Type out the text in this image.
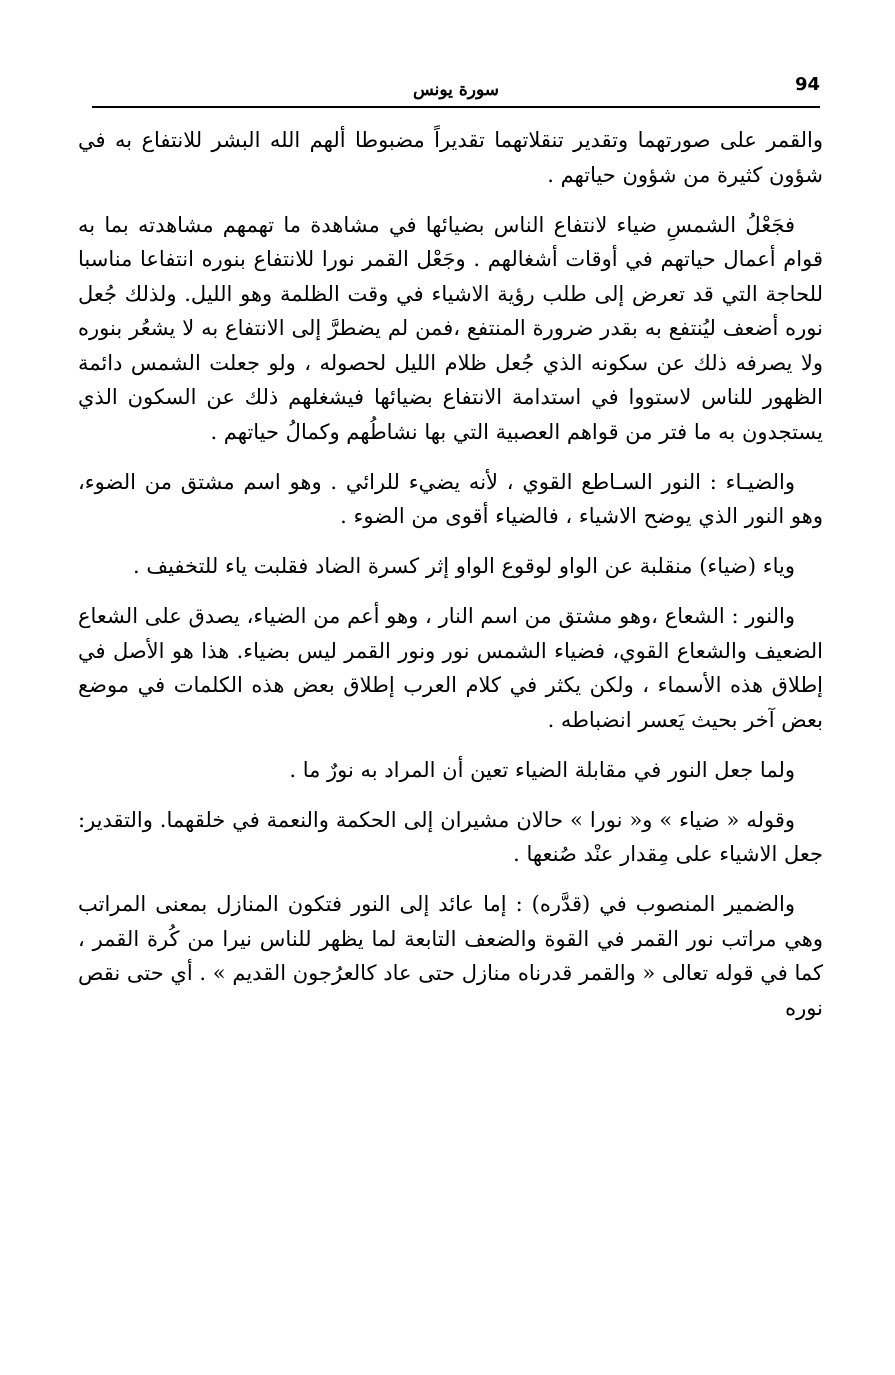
94
سورة يونس

والقمر على صورتهما وتقدير تنقلاتهما تقديراً مضبوطا ألهم الله البشر للانتفاع به في شؤون كثيرة من شؤون حياتهم .

فجَعْلُ الشمسِ ضياء لانتفاع الناس بضيائها في مشاهدة ما تهمهم مشاهدته بما به قوام أعمال حياتهم في أوقات أشغالهم . وجَعْل القمر نورا للانتفاع بنوره انتفاعا مناسبا للحاجة التي قد تعرض إلى طلب رؤية الاشياء في وقت الظلمة وهو الليل. ولذلك جُعل نوره أضعف ليُنتفع به بقدر ضرورة المنتفع ،فمن لم يضطرَّ إلى الانتفاع به لا يشعُر بنوره ولا يصرفه ذلك عن سكونه الذي جُعل ظلام الليل لحصوله ، ولو جعلت الشمس دائمة الظهور للناس لاستووا في استدامة الانتفاع بضيائها فيشغلهم ذلك عن السكون الذي يستجدون به ما فتر من قواهم العصبية التي بها نشاطُهم وكمالُ حياتهم .

والضيـاء : النور السـاطع القوي ، لأنه يضيء للرائي . وهو اسم مشتق من الضوء، وهو النور الذي يوضح الاشياء ، فالضياء أقوى من الضوء .

وياء (ضياء) منقلبة عن الواو لوقوع الواو إثر كسرة الضاد فقلبت ياء للتخفيف .

والنور : الشعاع ،وهو مشتق من اسم النار ، وهو أعم من الضياء، يصدق على الشعاع الضعيف والشعاع القوي، فضياء الشمس نور ونور القمر ليس بضياء. هذا هو الأصل في إطلاق هذه الأسماء ، ولكن يكثر في كلام العرب إطلاق بعض هذه الكلمات في موضع بعض آخر بحيث يَعسر انضباطه .

ولما جعل النور في مقابلة الضياء تعين أن المراد به نورٌ ما .

وقوله « ضياء » و« نورا » حالان مشيران إلى الحكمة والنعمة في خلقهما. والتقدير: جعل الاشياء على مِقدار عنْد صُنعها .

والضمير المنصوب في (قدَّره) : إما عائد إلى النور فتكون المنازل بمعنى المراتب وهي مراتب نور القمر في القوة والضعف التابعة لما يظهر للناس نيرا من كُرة القمر ، كما في قوله تعالى « والقمر قدرناه منازل حتى عاد كالعرُجون القديم » . أي حتى نقص نوره
